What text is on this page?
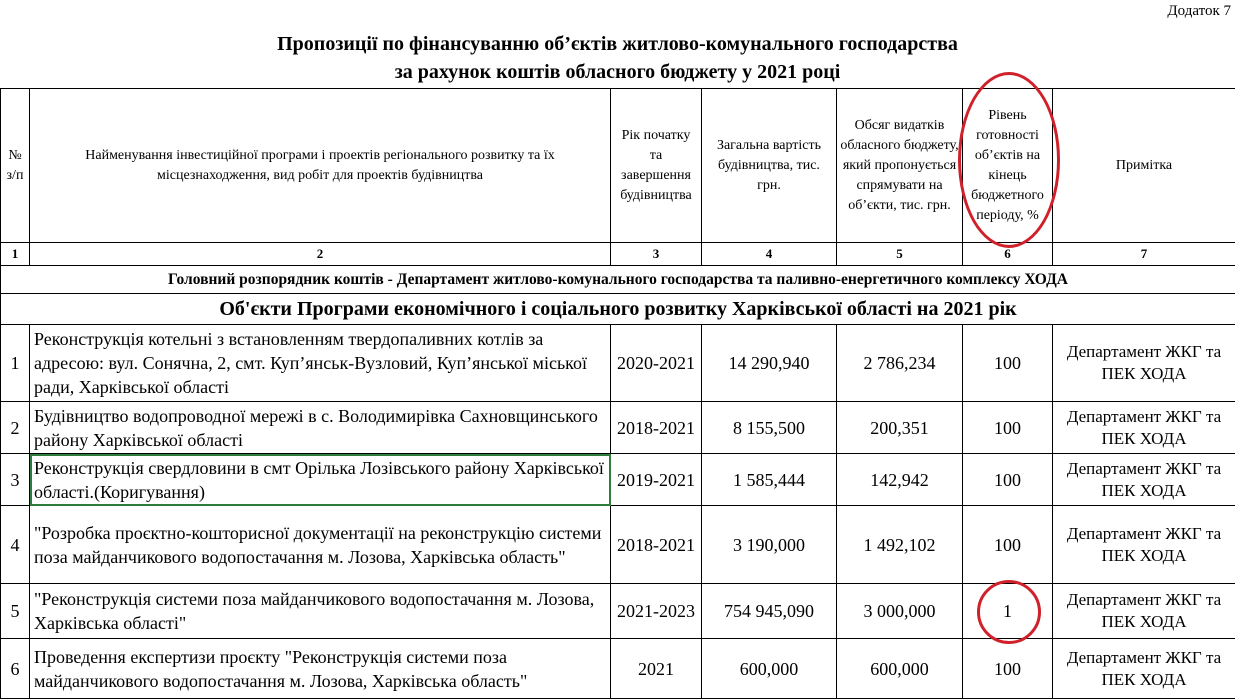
Додаток 7
Пропозиції по фінансуванню об’єктів житлово-комунального господарства
за рахунок коштів обласного бюджету у 2021 році
№ з/п	Найменування інвестиційної програми і проектів регіонального розвитку та їх місцезнаходження, вид робіт для проектів будівництва	Рік початку та завершення будівництва	Загальна вартість будівництва, тис. грн.	Обсяг видатків обласного бюджету, який пропонується спрямувати на об’єкти, тис. грн.	Рівень готовності об’єктів на кінець бюджетного періоду, %	Примітка
1	2	3	4	5	6	7
Головний розпорядник коштів - Департамент житлово-комунального господарства та паливно-енергетичного комплексу ХОДА						
Об'єкти Програми економічного і соціального розвитку Харківської області на 2021 рік						
1	Реконструкція котельні з встановленням твердопаливних котлів за адресою: вул. Сонячна, 2, смт. Куп’янськ-Вузловий, Куп’янської міської ради, Харківської області	2020-2021	14 290,940	2 786,234	100	Департамент ЖКГ та ПЕК ХОДА
2	Будівництво водопроводної мережі в с. Володимирівка Сахновщинського району Харківської області	2018-2021	8 155,500	200,351	100	Департамент ЖКГ та ПЕК ХОДА
3	Реконструкція свердловини в смт Орілька Лозівського району Харківської області.(Коригування)	2019-2021	1 585,444	142,942	100	Департамент ЖКГ та ПЕК ХОДА
4	"Розробка проєктно-кошторисної документації на реконструкцію системи поза майданчикового водопостачання м. Лозова, Харківська область"	2018-2021	3 190,000	1 492,102	100	Департамент ЖКГ та ПЕК ХОДА
5	"Реконструкція системи поза майданчикового водопостачання м. Лозова, Харківська області"	2021-2023	754 945,090	3 000,000	1	Департамент ЖКГ та ПЕК ХОДА
6	Проведення експертизи проєкту "Реконструкція системи поза майданчикового водопостачання м. Лозова, Харківська область"	2021	600,000	600,000	100	Департамент ЖКГ та ПЕК ХОДА
